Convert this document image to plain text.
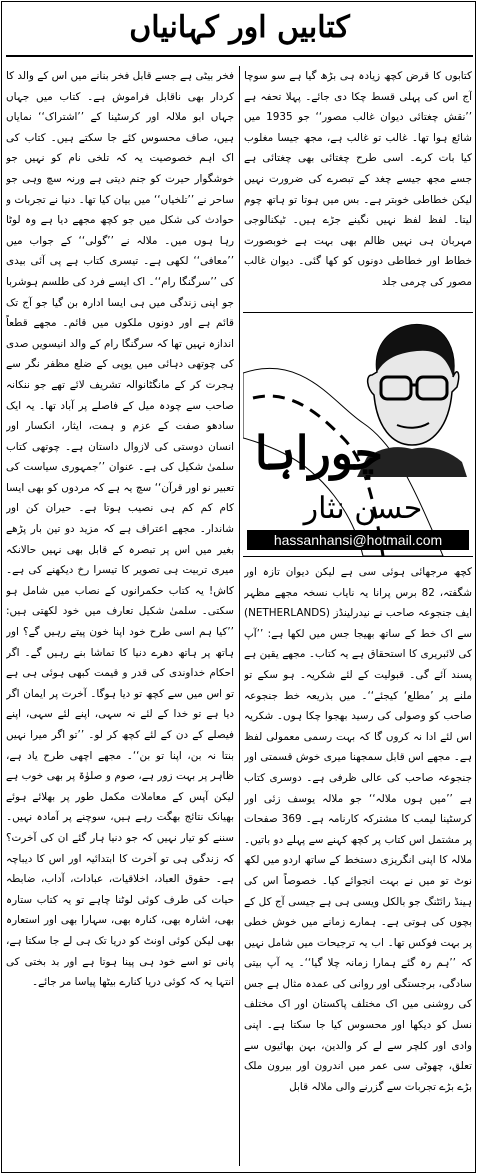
کتابیں اور کہانیاں

کتابوں کا قرض کچھ زیادہ ہی بڑھ گیا ہے سو سوچا آج اس کی پہلی قسط چکا دی جائے۔ پہلا تحفہ ہے ’’نقش چغتائی دیوان غالب مصور‘‘ جو 1935 میں شائع ہوا تھا۔ غالب تو غالب ہے، مجھ جیسا مغلوب کیا بات کرے۔ اسی طرح چغتائی بھی چغتائی ہے جسے مجھ جیسے چغد کے تبصرے کی ضرورت نہیں لیکن خطاطی خوبتر ہے۔ بس میں ہوتا تو ہاتھ چوم لیتا۔ لفظ لفظ نہیں نگینے جڑے ہیں۔ ٹیکنالوجی مہربان ہی نہیں ظالم بھی بہت ہے خوبصورت خطاط اور خطاطی دونوں کو کھا گئی۔ دیوان غالب مصور کی چرمی جلد

چوراہا
حسن نثار
hassanhansi@hotmail.com

کچھ مرجھائی ہوئی سی ہے لیکن دیوان تازہ اور شگفتہ، 82 برس پرانا یہ نایاب نسخہ مجھے مظہر ایف جنجوعہ صاحب نے نیدرلینڈز (NETHERLANDS) سے اک خط کے ساتھ بھیجا جس میں لکھا ہے: ’’آپ کی لائبریری کا استحقاق ہے یہ کتاب۔ مجھے یقین ہے پسند آئے گی۔ قبولیت کے لئے شکریہ۔ ہو سکے تو ملنے پر ’مطلع‘ کیجئے‘‘۔ میں بذریعہ خط جنجوعہ صاحب کو وصولی کی رسید بھجوا چکا ہوں۔ شکریہ اس لئے ادا نہ کروں گا کہ بہت رسمی معمولی لفظ ہے۔ مجھے اس قابل سمجھنا میری خوش قسمتی اور جنجوعہ صاحب کی عالی ظرفی ہے۔ دوسری کتاب ہے ’’میں ہوں ملالہ‘‘ جو ملالہ یوسف زئی اور کرسٹینا لیمب کا مشترکہ کارنامہ ہے۔ 369 صفحات پر مشتمل اس کتاب پر کچھ کہنے سے پہلے دو باتیں۔ ملالہ کا اپنی انگریزی دستخط کے ساتھ اردو میں لکھ نوٹ تو میں نے بہت انجوائے کیا۔ خصوصاً اس کی ہینڈ رائٹنگ جو بالکل ویسی ہی ہے جیسی آج کل کے بچوں کی ہوتی ہے۔ ہمارے زمانے میں خوش خطی پر بہت فوکس تھا۔ اب یہ ترجیحات میں شامل نہیں کہ ’’ہم رہ گئے ہمارا زمانہ چلا گیا‘‘۔ یہ آپ بیتی سادگی، برجستگی اور روانی کی عمدہ مثال ہے جس کی روشنی میں اک مختلف پاکستان اور اک مختلف نسل کو دیکھا اور محسوس کیا جا سکتا ہے۔ اپنی وادی اور کلچر سے لے کر والدین، بہن بھائیوں سے تعلق، چھوٹی سی عمر میں اندرون اور بیرون ملک بڑے بڑے تجربات سے گزرنے والی ملالہ قابل

فخر بیٹی ہے جسے قابل فخر بنانے میں اس کے والد کا کردار بھی ناقابل فراموش ہے۔ کتاب میں جہاں جہاں ابو ملالہ اور کرسٹینا کے ’’اشتراک‘‘ نمایاں ہیں، صاف محسوس کئے جا سکتے ہیں۔ کتاب کی اک اہم خصوصیت یہ کہ تلخی نام کو نہیں جو خوشگوار حیرت کو جنم دیتی ہے ورنہ سچ وہی جو ساحر نے ’’تلخیاں‘‘ میں بیان کیا تھا۔ دنیا نے تجربات و حوادث کی شکل میں جو کچھ مجھے دیا ہے وہ لوٹا رہا ہوں میں۔ ملالہ نے ’’گولی‘‘ کے جواب میں ’’معافی‘‘ لکھی ہے۔ تیسری کتاب ہے پی آئی بیدی کی ’’سرگنگا رام‘‘۔ اک ایسے فرد کی طلسم ہوشربا جو اپنی زندگی میں ہی ایسا ادارہ بن گیا جو آج تک قائم ہے اور دونوں ملکوں میں قائم۔ مجھے قطعاً اندازہ نہیں تھا کہ سرگنگا رام کے والد انیسویں صدی کی چوتھی دہائی میں یوپی کے ضلع مظفر نگر سے ہجرت کر کے مانگٹانوالہ تشریف لائے تھے جو ننکانہ صاحب سے چودہ میل کے فاصلے پر آباد تھا۔ یہ ایک سادھو صفت کے عزم و ہمت، ایثار، انکسار اور انسان دوستی کی لازوال داستان ہے۔ چوتھی کتاب سلمیٰ شکیل کی ہے۔ عنوان ’’جمہوری سیاست کی تعبیر نو اور قرآن‘‘ سچ یہ ہے کہ مردوں کو بھی ایسا کام کم کم ہی نصیب ہوتا ہے۔ حیران کن اور شاندار۔ مجھے اعتراف ہے کہ مزید دو تین بار پڑھے بغیر میں اس پر تبصرہ کے قابل بھی نہیں حالانکہ میری تربیت ہی تصویر کا تیسرا رخ دیکھنے کی ہے۔ کاش! یہ کتاب حکمرانوں کے نصاب میں شامل ہو سکتی۔ سلمیٰ شکیل تعارف میں خود لکھتی ہیں: ’’کیا ہم اسی طرح خود اپنا خون پیتے رہیں گے؟ اور ہاتھ پر ہاتھ دھرے دنیا کا تماشا بنے رہیں گے۔ اگر احکام خداوندی کی قدر و قیمت کبھی ہوئی ہی ہے تو اس میں سے کچھ تو دیا ہوگا۔ آخرت پر ایمان اگر دیا ہے تو خدا کے لئے نہ سہی، اپنے لئے سہی، اپنے فیصلے کے دن کے لئے کچھ کر لو۔ ’’تو اگر میرا نہیں بنتا نہ بن، اپنا تو بن‘‘۔ مجھے اچھی طرح یاد ہے، ظاہر پر بہت زور ہے، صوم و صلوٰۃ پر بھی خوب ہے لیکن آپس کے معاملات مکمل طور پر بھلائے ہوئے بھیانک نتائج بھگت رہے ہیں، سوچنے پر آمادہ نہیں۔ سننے کو تیار نہیں کہ جو دنیا ہار گئے ان کی آخرت؟ کہ زندگی ہی تو آخرت کا ابتدائیہ اور اس کا دیباچہ ہے۔ حقوق العباد، اخلاقیات، عبادات، آداب، ضابطہ حیات کی طرف کوئی لوٹنا چاہے تو یہ کتاب ستارہ بھی، اشارہ بھی، کنارہ بھی، سہارا بھی اور استعارہ بھی لیکن کوئی اونٹ کو دریا تک ہی لے جا سکتا ہے، پانی تو اسے خود ہی پینا ہوتا ہے اور بد بختی کی انتہا یہ کہ کوئی دریا کنارے بیٹھا پیاسا مر جائے۔
